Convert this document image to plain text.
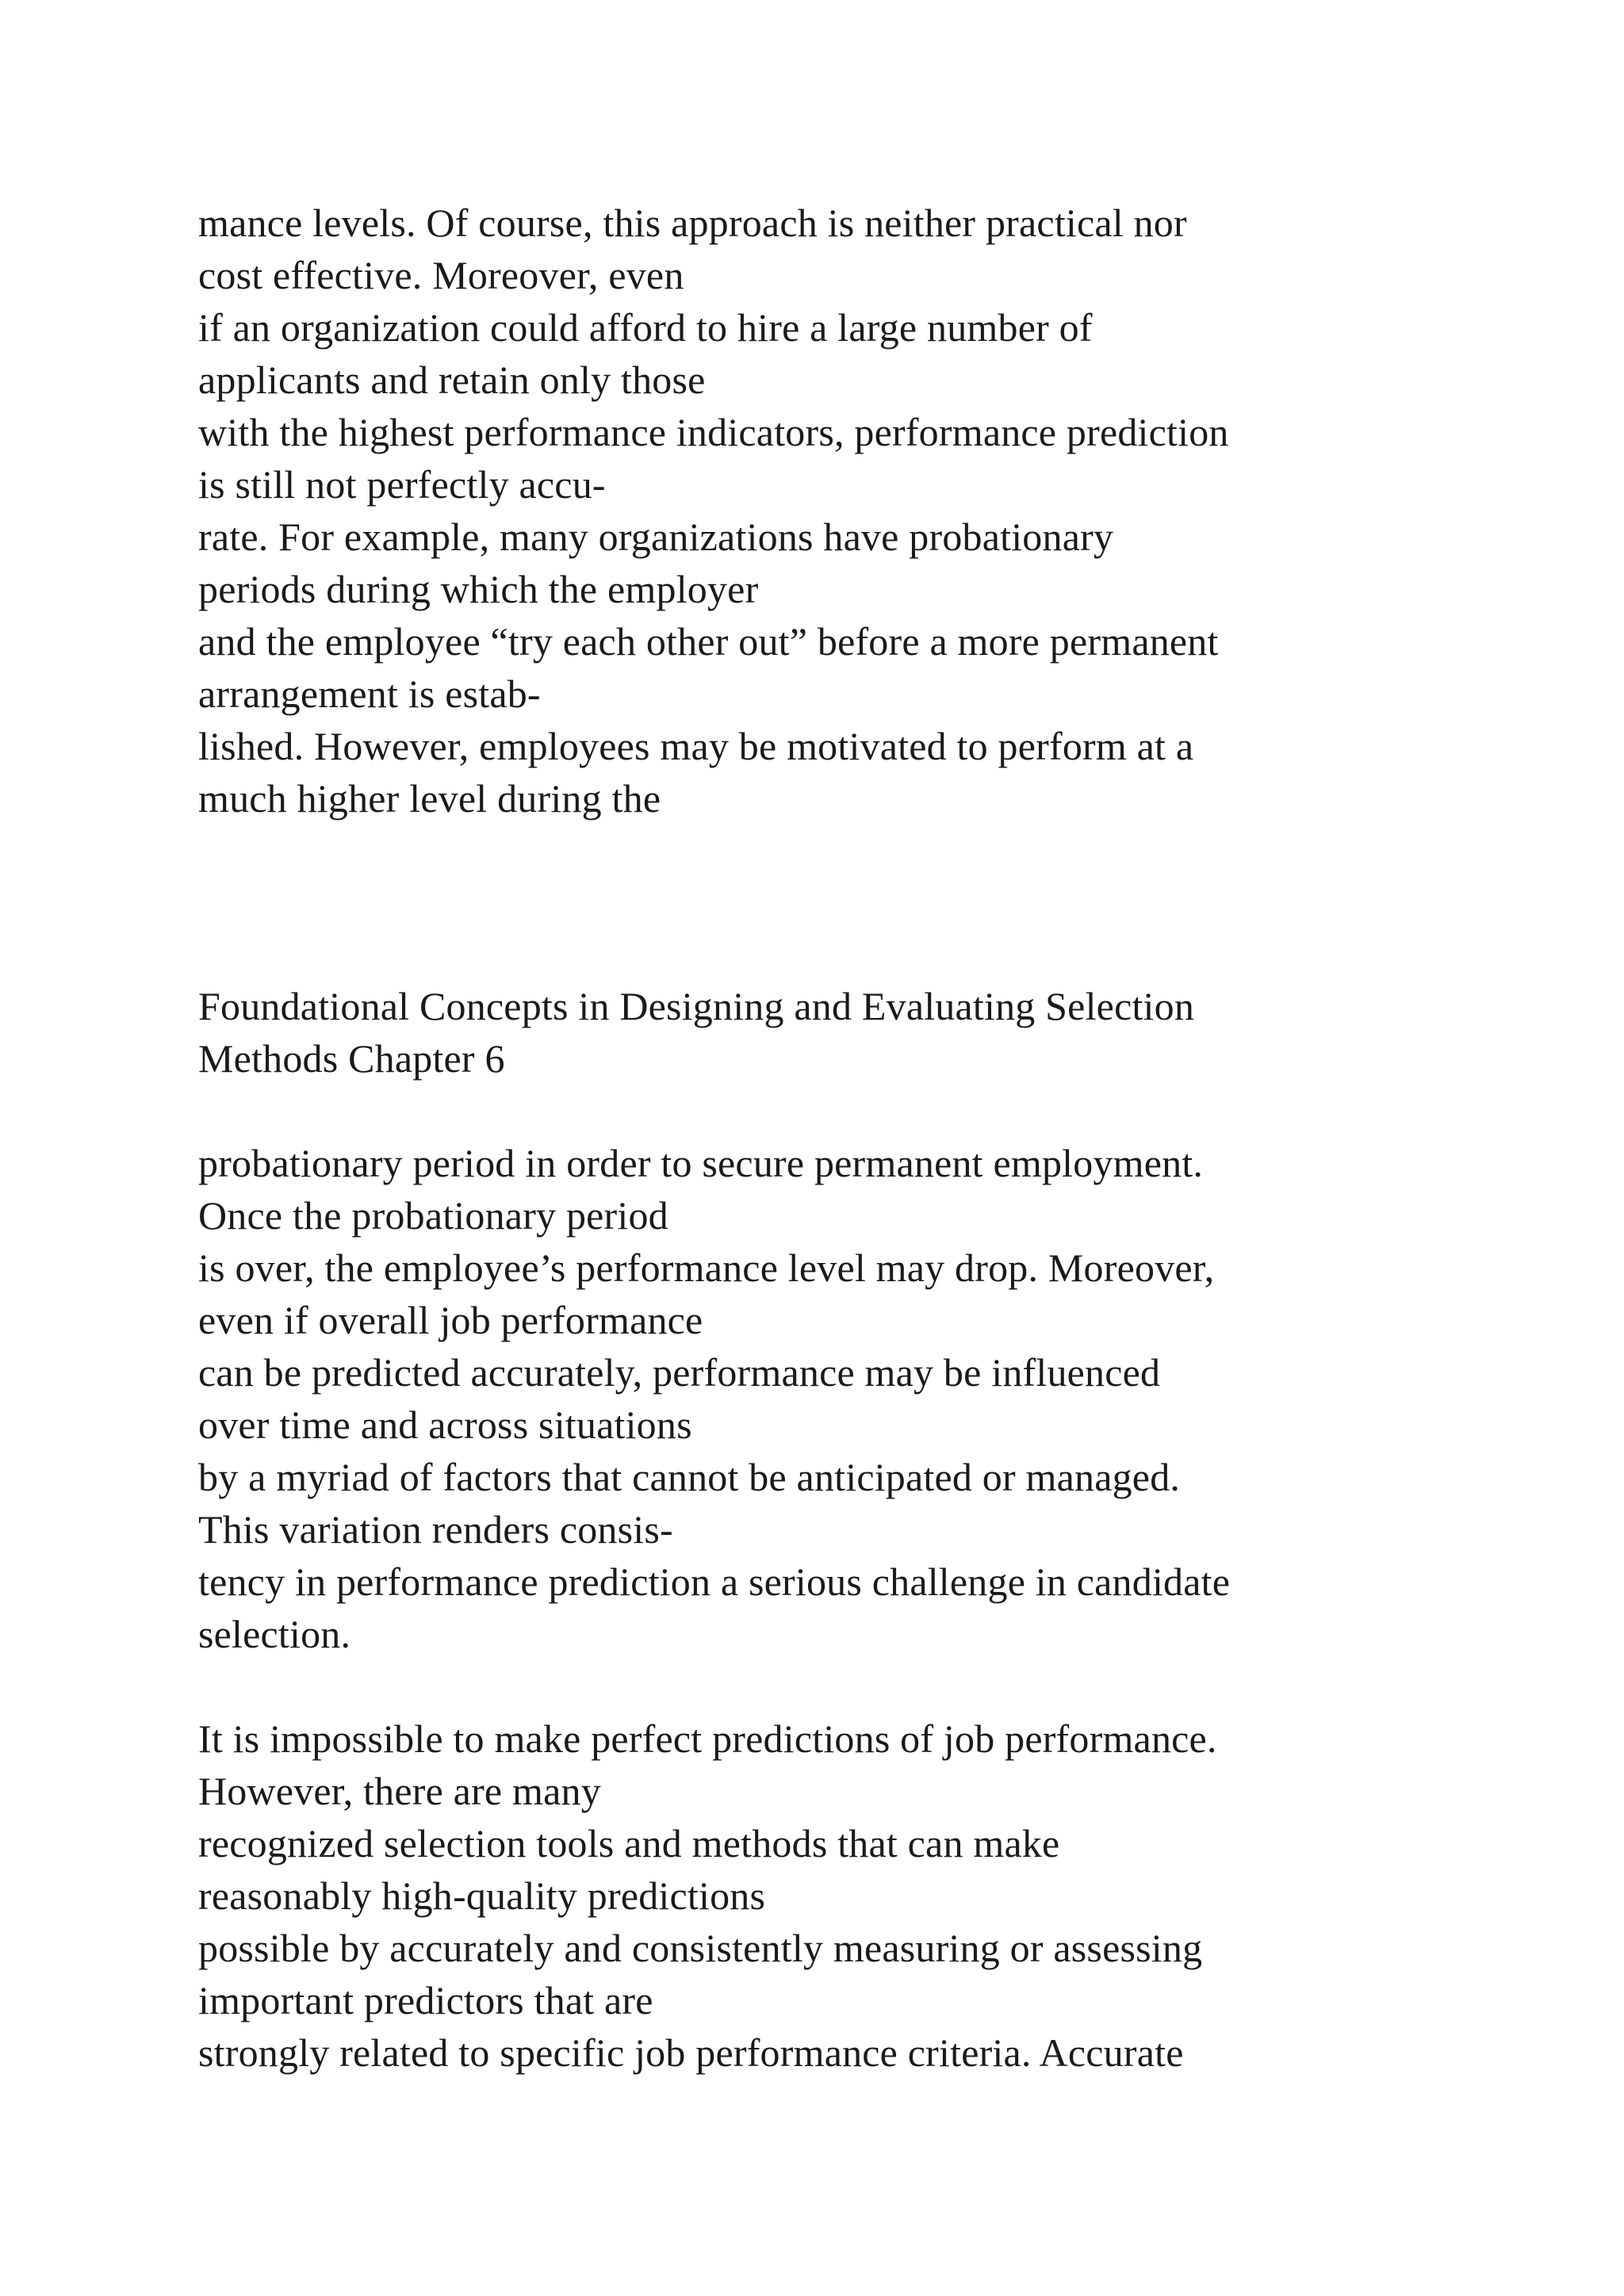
mance levels. Of course, this approach is neither practical nor
cost effective. Moreover, even
if an organization could afford to hire a large number of
applicants and retain only those
with the highest performance indicators, performance prediction
is still not perfectly accu-
rate. For example, many organizations have probationary
periods during which the employer
and the employee “try each other out” before a more permanent
arrangement is estab-
lished. However, employees may be motivated to perform at a
much higher level during the

Foundational Concepts in Designing and Evaluating Selection
Methods Chapter 6

probationary period in order to secure permanent employment.
Once the probationary period
is over, the employee’s performance level may drop. Moreover,
even if overall job performance
can be predicted accurately, performance may be influenced
over time and across situations
by a myriad of factors that cannot be anticipated or managed.
This variation renders consis-
tency in performance prediction a serious challenge in candidate
selection.

It is impossible to make perfect predictions of job performance.
However, there are many
recognized selection tools and methods that can make
reasonably high-quality predictions
possible by accurately and consistently measuring or assessing
important predictors that are
strongly related to specific job performance criteria. Accurate
